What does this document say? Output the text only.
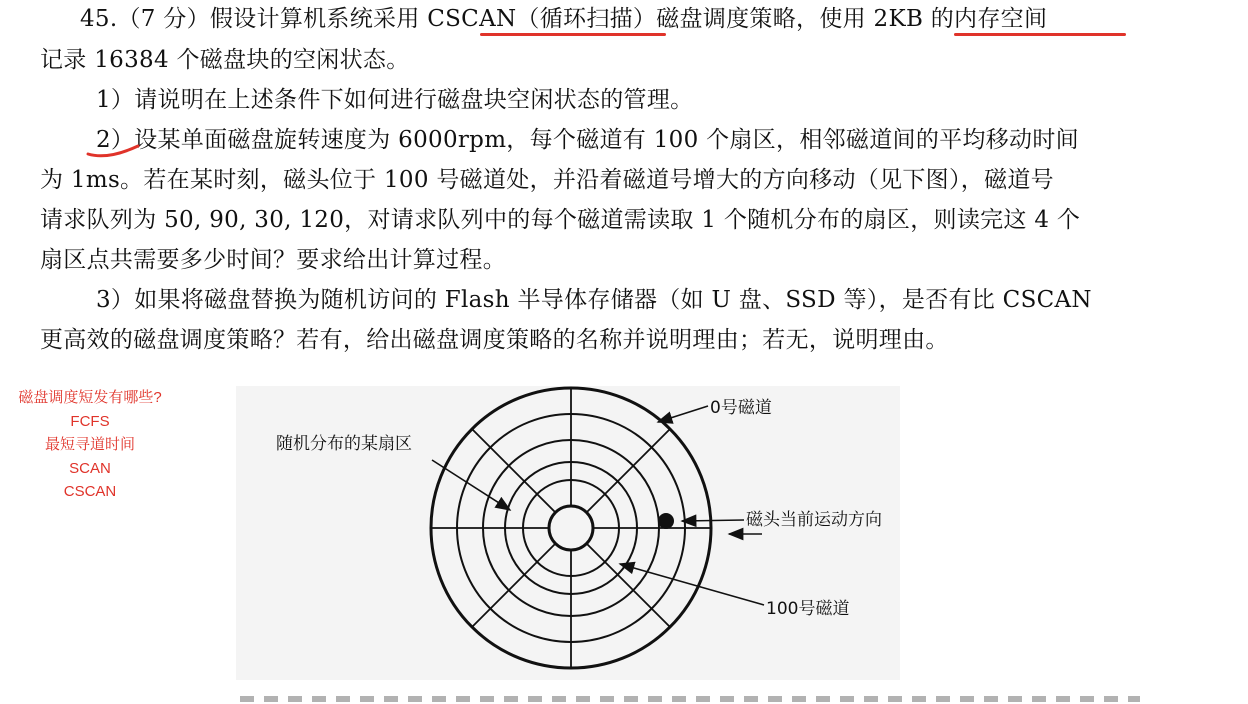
45.（7 分）假设计算机系统采用 CSCAN（循环扫描）磁盘调度策略，使用 2KB 的内存空间
记录 16384 个磁盘块的空闲状态。
1）请说明在上述条件下如何进行磁盘块空闲状态的管理。
2）设某单面磁盘旋转速度为 6000rpm，每个磁道有 100 个扇区，相邻磁道间的平均移动时间
为 1ms。若在某时刻，磁头位于 100 号磁道处，并沿着磁道号增大的方向移动（见下图），磁道号
请求队列为 50, 90, 30, 120，对请求队列中的每个磁道需读取 1 个随机分布的扇区，则读完这 4 个
扇区点共需要多少时间？要求给出计算过程。
3）如果将磁盘替换为随机访问的 Flash 半导体存储器（如 U 盘、SSD 等），是否有比 CSCAN
更高效的磁盘调度策略？若有，给出磁盘调度策略的名称并说明理由；若无，说明理由。
磁盘调度短发有哪些?
FCFS
最短寻道时间
SCAN
CSCAN
0号磁道
随机分布的某扇区
磁头当前运动方向
100号磁道
